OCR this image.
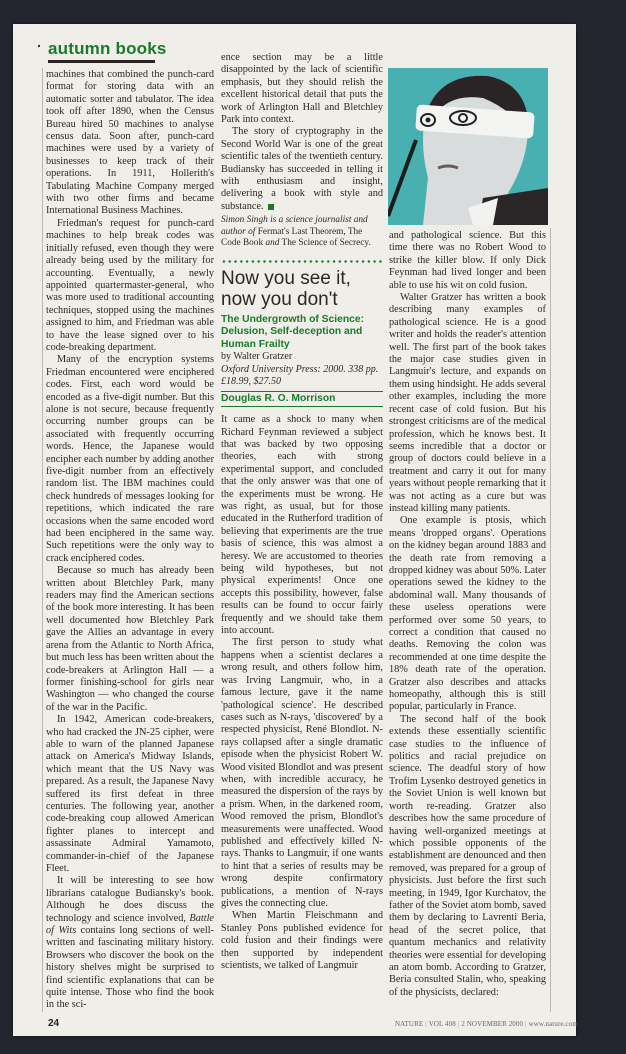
autumn books

machines that combined the punch-card format for storing data with an automatic sorter and tabulator. The idea took off after 1890, when the Census Bureau hired 50 machines to analyse census data. Soon after, punch-card machines were used by a variety of businesses to keep track of their operations. In 1911, Hollerith's Tabulating Machine Company merged with two other firms and became International Business Machines.

Friedman's request for punch-card machines to help break codes was initially refused, even though they were already being used by the military for accounting. Eventually, a newly appointed quartermaster-general, who was more used to traditional accounting techniques, stopped using the machines assigned to him, and Friedman was able to have the lease signed over to his code-breaking department.

Many of the encryption systems Friedman encountered were enciphered codes. First, each word would be encoded as a five-digit number. But this alone is not secure, because frequently occurring number groups can be associated with frequently occurring words. Hence, the Japanese would encipher each number by adding another five-digit number from an effectively random list. The IBM machines could check hundreds of messages looking for repetitions, which indicated the rare occasions when the same encoded word had been enciphered in the same way. Such repetitions were the only way to crack enciphered codes.

Because so much has already been written about Bletchley Park, many readers may find the American sections of the book more interesting. It has been well documented how Bletchley Park gave the Allies an advantage in every arena from the Atlantic to North Africa, but much less has been written about the code-breakers at Arlington Hall — a former finishing-school for girls near Washington — who changed the course of the war in the Pacific.

In 1942, American code-breakers, who had cracked the JN-25 cipher, were able to warn of the planned Japanese attack on America's Midway Islands, which meant that the US Navy was prepared. As a result, the Japanese Navy suffered its first defeat in three centuries. The following year, another code-breaking coup allowed American fighter planes to intercept and assassinate Admiral Yamamoto, commander-in-chief of the Japanese Fleet.

It will be interesting to see how librarians catalogue Budiansky's book. Although he does discuss the technology and science involved, Battle of Wits contains long sections of well-written and fascinating military history. Browsers who discover the book on the history shelves might be surprised to find scientific explanations that can be quite intense. Those who find the book in the sci-

ence section may be a little disappointed by the lack of scientific emphasis, but they should relish the excellent historical detail that puts the work of Arlington Hall and Bletchley Park into context.

The story of cryptography in the Second World War is one of the great scientific tales of the twentieth century. Budiansky has succeeded in telling it with enthusiasm and insight, delivering a book with style and substance.

Simon Singh is a science journalist and author of Fermat's Last Theorem, The Code Book and The Science of Secrecy.
Now you see it, now you don't
The Undergrowth of Science: Delusion, Self-deception and Human Frailty
by Walter Gratzer
Oxford University Press: 2000. 338 pp. £18.99, $27.50
Douglas R. O. Morrison

It came as a shock to many when Richard Feynman reviewed a subject that was backed by two opposing theories, each with strong experimental support, and concluded that the only answer was that one of the experiments must be wrong. He was right, as usual, but for those educated in the Rutherford tradition of believing that experiments are the true basis of science, this was almost a heresy. We are accustomed to theories being wild hypotheses, but not physical experiments! Once one accepts this possibility, however, false results can be found to occur fairly frequently and we should take them into account.

The first person to study what happens when a scientist declares a wrong result, and others follow him, was Irving Langmuir, who, in a famous lecture, gave it the name 'pathological science'. He described cases such as N-rays, 'discovered' by a respected physicist, René Blondlot. N-rays collapsed after a single dramatic episode when the physicist Robert W. Wood visited Blondlot and was present when, with incredible accuracy, he measured the dispersion of the rays by a prism. When, in the darkened room, Wood removed the prism, Blondlot's measurements were unaffected. Wood published and effectively killed N-rays. Thanks to Langmuir, if one wants to hint that a series of results may be wrong despite confirmatory publications, a mention of N-rays gives the connecting clue.

When Martin Fleischmann and Stanley Pons published evidence for cold fusion and their findings were then supported by independent scientists, we talked of Langmuir

and pathological science. But this time there was no Robert Wood to strike the killer blow. If only Dick Feynman had lived longer and been able to use his wit on cold fusion.

Walter Gratzer has written a book describing many examples of pathological science. He is a good writer and holds the reader's attention well. The first part of the book takes the major case studies given in Langmuir's lecture, and expands on them using hindsight. He adds several other examples, including the more recent case of cold fusion. But his strongest criticisms are of the medical profession, which he knows best. It seems incredible that a doctor or group of doctors could believe in a treatment and carry it out for many years without people remarking that it was not acting as a cure but was instead killing many patients.

One example is ptosis, which means 'dropped organs'. Operations on the kidney began around 1883 and the death rate from removing a dropped kidney was about 50%. Later operations sewed the kidney to the abdominal wall. Many thousands of these useless operations were performed over some 50 years, to correct a condition that caused no deaths. Removing the colon was recommended at one time despite the 18% death rate of the operation. Gratzer also describes and attacks homeopathy, although this is still popular, particularly in France.

The second half of the book extends these essentially scientific case studies to the influence of politics and racial prejudice on science. The deadful story of how Trofim Lysenko destroyed genetics in the Soviet Union is well known but worth re-reading. Gratzer also describes how the same procedure of having well-organized meetings at which possible opponents of the establishment are denounced and then removed, was prepared for a group of physicists. Just before the first such meeting, in 1949, Igor Kurchatov, the father of the Soviet atom bomb, saved them by declaring to Lavrenti Beria, head of the secret police, that quantum mechanics and relativity theories were essential for developing an atom bomb. According to Gratzer, Beria consulted Stalin, who, speaking of the physicists, declared:

24	NATURE | VOL 408 | 2 NOVEMBER 2000 | www.nature.com
